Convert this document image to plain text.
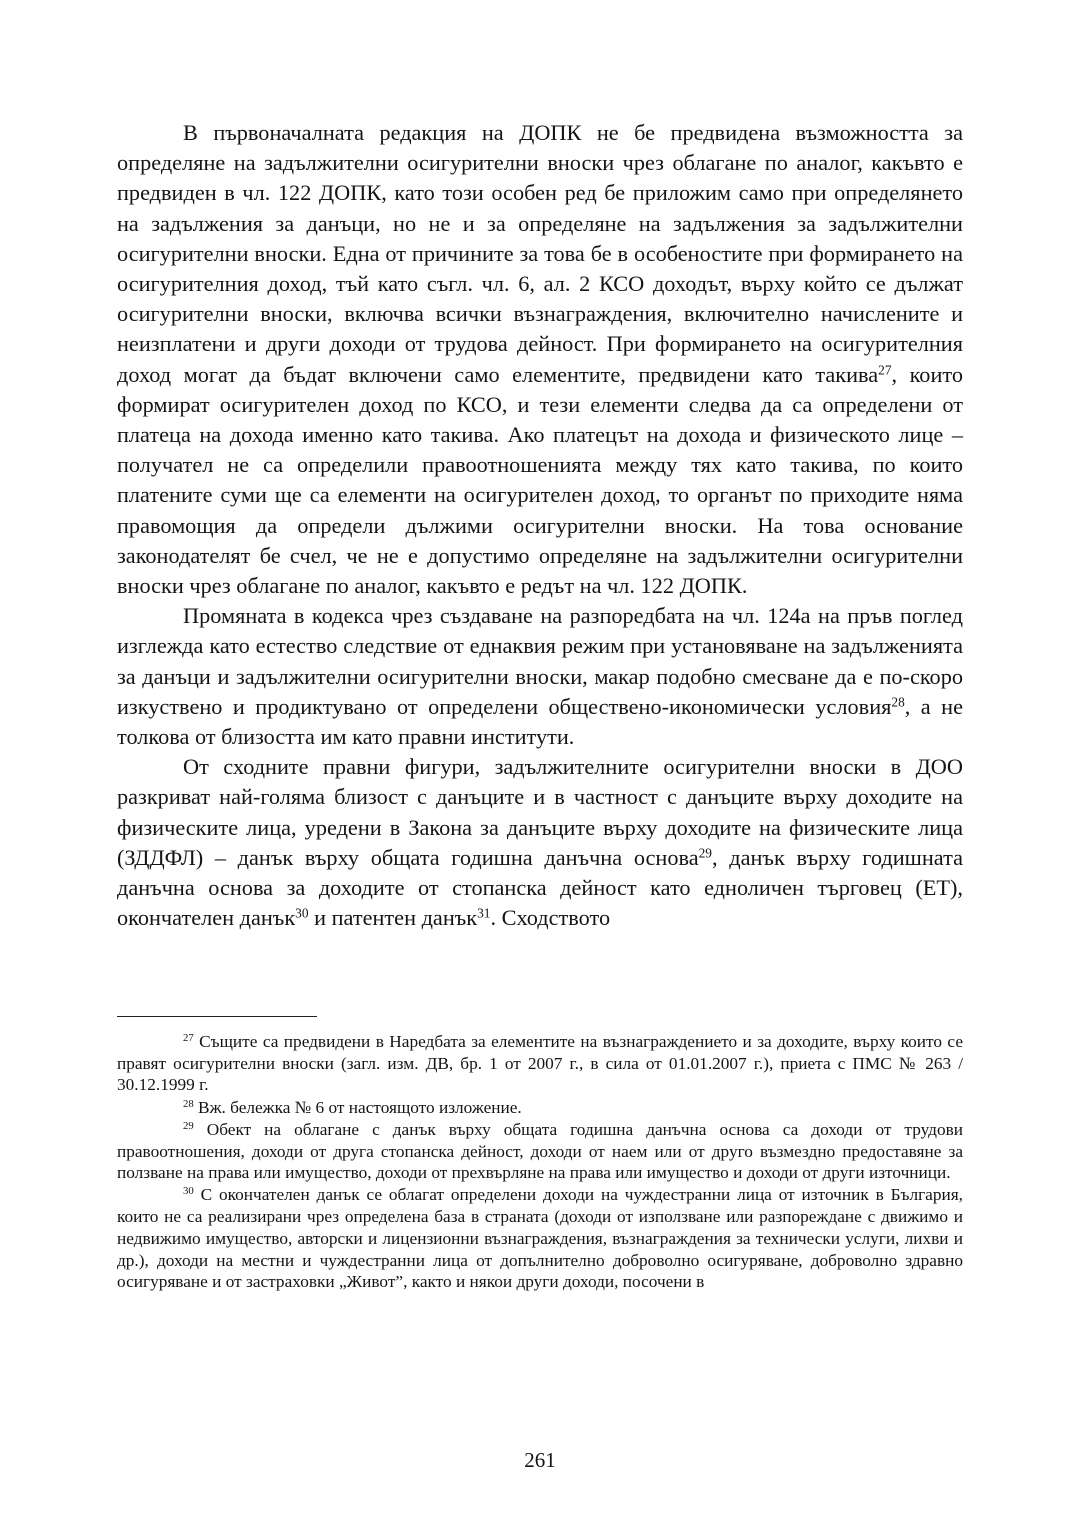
В първоначалната редакция на ДОПК не бе предвидена възможността за определяне на задължителни осигурителни вноски чрез облагане по аналог, какъвто е предвиден в чл. 122 ДОПК, като този особен ред бе приложим само при определянето на задължения за данъци, но не и за определяне на задължения за задължителни осигурителни вноски. Една от причините за това бе в особеностите при формирането на осигурителния доход, тъй като съгл. чл. 6, ал. 2 КСО доходът, върху който се дължат осигурителни вноски, включва всички възнаграждения, включително начислените и неизплатени и други доходи от трудова дейност. При формирането на осигурителния доход могат да бъдат включени само елементите, предвидени като такива$^{27}$, които формират осигурителен доход по КСО, и тези елементи следва да са определени от платеца на дохода именно като такива. Ако платецът на дохода и физическото лице – получател не са определили правоотношенията между тях като такива, по които платените суми ще са елементи на осигурителен доход, то органът по приходите няма правомощия да определи дължими осигурителни вноски. На това основание законодателят бе счел, че не е допустимо определяне на задължителни осигурителни вноски чрез облагане по аналог, какъвто е редът на чл. 122 ДОПК.

Промяната в кодекса чрез създаване на разпоредбата на чл. 124а на пръв поглед изглежда като естество следствие от еднаквия режим при установяване на задълженията за данъци и задължителни осигурителни вноски, макар подобно смесване да е по-скоро изкуствено и продиктувано от определени обществено-икономически условия$^{28}$, а не толкова от близостта им като правни институти.

От сходните правни фигури, задължителните осигурителни вноски в ДОО разкриват най-голяма близост с данъците и в частност с данъците върху доходите на физическите лица, уредени в Закона за данъците върху доходите на физическите лица (ЗДДФЛ) – данък върху общата годишна данъчна основа$^{29}$, данък върху годишната данъчна основа за доходите от стопанска дейност като едноличен търговец (ЕТ), окончателен данък$^{30}$ и патентен данък$^{31}$. Сходството

$^{27}$ Същите са предвидени в Наредбата за елементите на възнаграждението и за доходите, върху които се правят осигурителни вноски (загл. изм. ДВ, бр. 1 от 2007 г., в сила от 01.01.2007 г.), приета с ПМС № 263 / 30.12.1999 г.

$^{28}$ Вж. бележка № 6 от настоящото изложение.

$^{29}$ Обект на облагане с данък върху общата годишна данъчна основа са доходи от трудови правоотношения, доходи от друга стопанска дейност, доходи от наем или от друго възмездно предоставяне за ползване на права или имущество, доходи от прехвърляне на права или имущество и доходи от други източници.

$^{30}$ С окончателен данък се облагат определени доходи на чуждестранни лица от източник в България, които не са реализирани чрез определена база в страната (доходи от използване или разпореждане с движимо и недвижимо имущество, авторски и лицензионни възнаграждения, възнаграждения за технически услуги, лихви и др.), доходи на местни и чуждестранни лица от допълнително доброволно осигуряване, доброволно здравно осигуряване и от застраховки „Живот”, както и някои други доходи, посочени в

261
